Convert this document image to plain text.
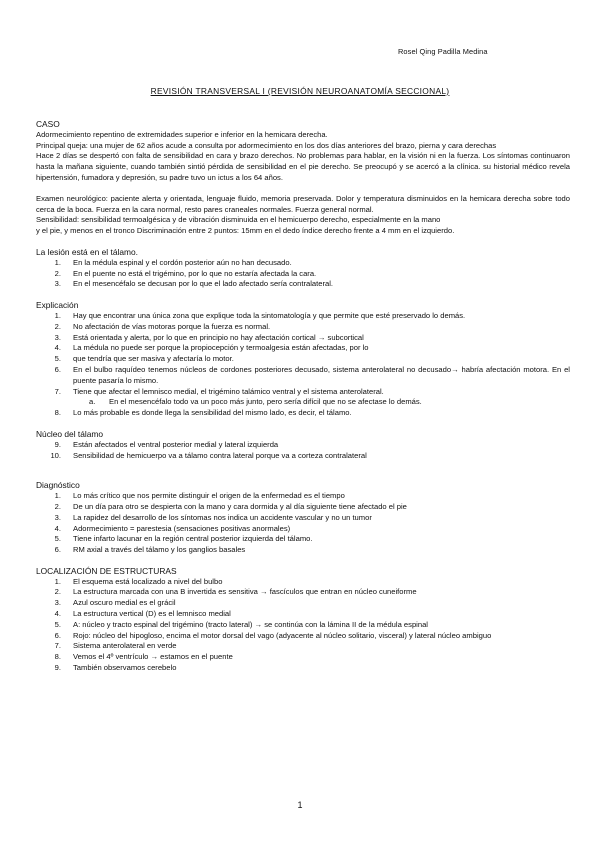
Rosel Qing Padilla Medina
REVISIÓN TRANSVERSAL I (REVISIÓN NEUROANATOMÍA SECCIONAL)

CASO

Adormecimiento repentino de extremidades superior e inferior en la hemicara derecha.

Principal queja: una mujer de 62 años acude a consulta por adormecimiento en los dos días anteriores del brazo, pierna y cara derechas

Hace 2 días se despertó con falta de sensibilidad en cara y brazo derechos. No problemas para hablar, en la visión ni en la fuerza. Los síntomas continuaron hasta la mañana siguiente, cuando también sintió pérdida de sensibilidad en el pie derecho. Se preocupó y se acercó a la clínica. su historial médico revela hipertensión, fumadora y depresión, su padre tuvo un ictus a los 64 años.

Examen neurológico: paciente alerta y orientada, lenguaje fluido, memoria preservada. Dolor y temperatura disminuidos en la hemicara derecha sobre todo cerca de la boca. Fuerza en la cara normal, resto pares craneales normales. Fuerza general normal.

Sensibilidad: sensibilidad termoalgésica y de vibración disminuida en el hemicuerpo derecho, especialmente en la mano

y el pie, y menos en el tronco Discriminación entre 2 puntos: 15mm en el dedo índice derecho frente a 4 mm en el izquierdo.

La lesión está en el tálamo.

1. En la médula espinal y el cordón posterior aún no han decusado.
2. En el puente no está el trigémino, por lo que no estaría afectada la cara.
3. En el mesencéfalo se decusan por lo que el lado afectado sería contralateral.

Explicación

1. Hay que encontrar una única zona que explique toda la sintomatología y que permite que esté preservado lo demás.
2. No afectación de vías motoras porque la fuerza es normal.
3. Está orientada y alerta, por lo que en principio no hay afectación cortical → subcortical
4. La médula no puede ser porque la propiocepción y termoalgesia están afectadas, por lo
5. que tendría que ser masiva y afectaría lo motor.
6. En el bulbo raquídeo tenemos núcleos de cordones posteriores decusado, sistema anterolateral no decusado→ habría afectación motora. En el puente pasaría lo mismo.
7. Tiene que afectar el lemnisco medial, el trigémino talámico ventral y el sistema anterolateral.
a. En el mesencéfalo todo va un poco más junto, pero sería difícil que no se afectase lo demás.
8. Lo más probable es donde llega la sensibilidad del mismo lado, es decir, el tálamo.

Núcleo del tálamo

9. Están afectados el ventral posterior medial y lateral izquierda
10. Sensibilidad de hemicuerpo va a tálamo contra lateral porque va a corteza contralateral

Diagnóstico

1. Lo más crítico que nos permite distinguir el origen de la enfermedad es el tiempo
2. De un día para otro se despierta con la mano y cara dormida y al día siguiente tiene afectado el pie
3. La rapidez del desarrollo de los síntomas nos indica un accidente vascular y no un tumor
4. Adormecimiento = parestesia (sensaciones positivas anormales)
5. Tiene infarto lacunar en la región central posterior izquierda del tálamo.
6. RM axial a través del tálamo y los ganglios basales

LOCALIZACIÓN DE ESTRUCTURAS

1. El esquema está localizado a nivel del bulbo
2. La estructura marcada con una B invertida es sensitiva → fascículos que entran en núcleo cuneiforme
3. Azul oscuro medial es el grácil
4. La estructura vertical (D) es el lemnisco medial
5. A: núcleo y tracto espinal del trigémino (tracto lateral) → se continúa con la lámina II de la médula espinal
6. Rojo: núcleo del hipogloso, encima el motor dorsal del vago (adyacente al núcleo solitario, visceral) y lateral núcleo ambiguo
7. Sistema anterolateral en verde
8. Vemos el 4º ventrículo → estamos en el puente
9. También observamos cerebelo
1
